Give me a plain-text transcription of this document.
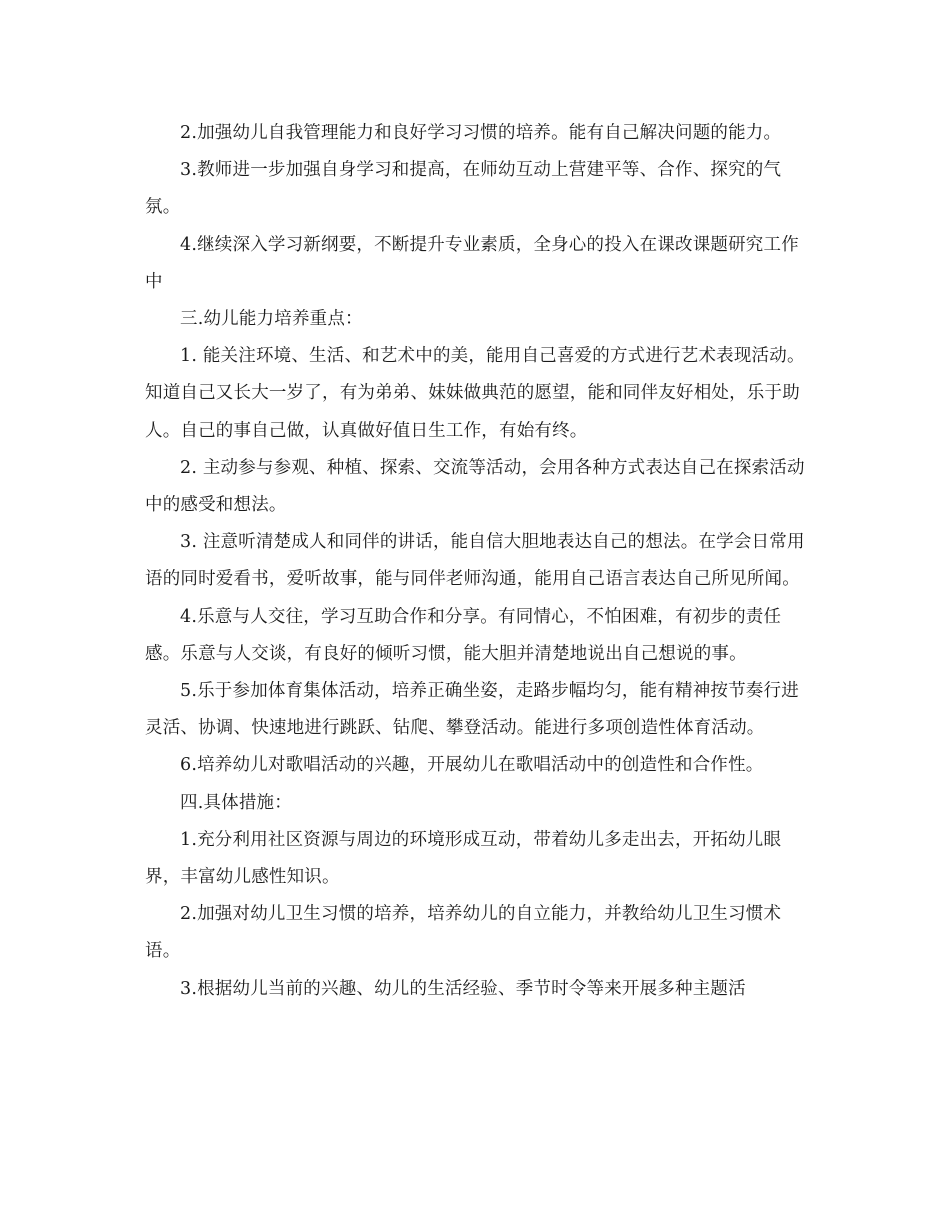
2.加强幼儿自我管理能力和良好学习习惯的培养。能有自己解决问题的能力。

3.教师进一步加强自身学习和提高，在师幼互动上营建平等、合作、探究的气氛。

4.继续深入学习新纲要，不断提升专业素质，全身心的投入在课改课题研究工作中

三.幼儿能力培养重点：

1. 能关注环境、生活、和艺术中的美，能用自己喜爱的方式进行艺术表现活动。知道自己又长大一岁了，有为弟弟、妹妹做典范的愿望，能和同伴友好相处，乐于助人。自己的事自己做，认真做好值日生工作，有始有终。

2. 主动参与参观、种植、探索、交流等活动，会用各种方式表达自己在探索活动中的感受和想法。

3. 注意听清楚成人和同伴的讲话，能自信大胆地表达自己的想法。在学会日常用语的同时爱看书，爱听故事，能与同伴老师沟通，能用自己语言表达自己所见所闻。

4.乐意与人交往，学习互助合作和分享。有同情心，不怕困难，有初步的责任感。乐意与人交谈，有良好的倾听习惯，能大胆并清楚地说出自己想说的事。

5.乐于参加体育集体活动，培养正确坐姿，走路步幅均匀，能有精神按节奏行进灵活、协调、快速地进行跳跃、钻爬、攀登活动。能进行多项创造性体育活动。

6.培养幼儿对歌唱活动的兴趣，开展幼儿在歌唱活动中的创造性和合作性。

四.具体措施：

1.充分利用社区资源与周边的环境形成互动，带着幼儿多走出去，开拓幼儿眼界，丰富幼儿感性知识。

2.加强对幼儿卫生习惯的培养，培养幼儿的自立能力，并教给幼儿卫生习惯术语。

3.根据幼儿当前的兴趣、幼儿的生活经验、季节时令等来开展多种主题活
